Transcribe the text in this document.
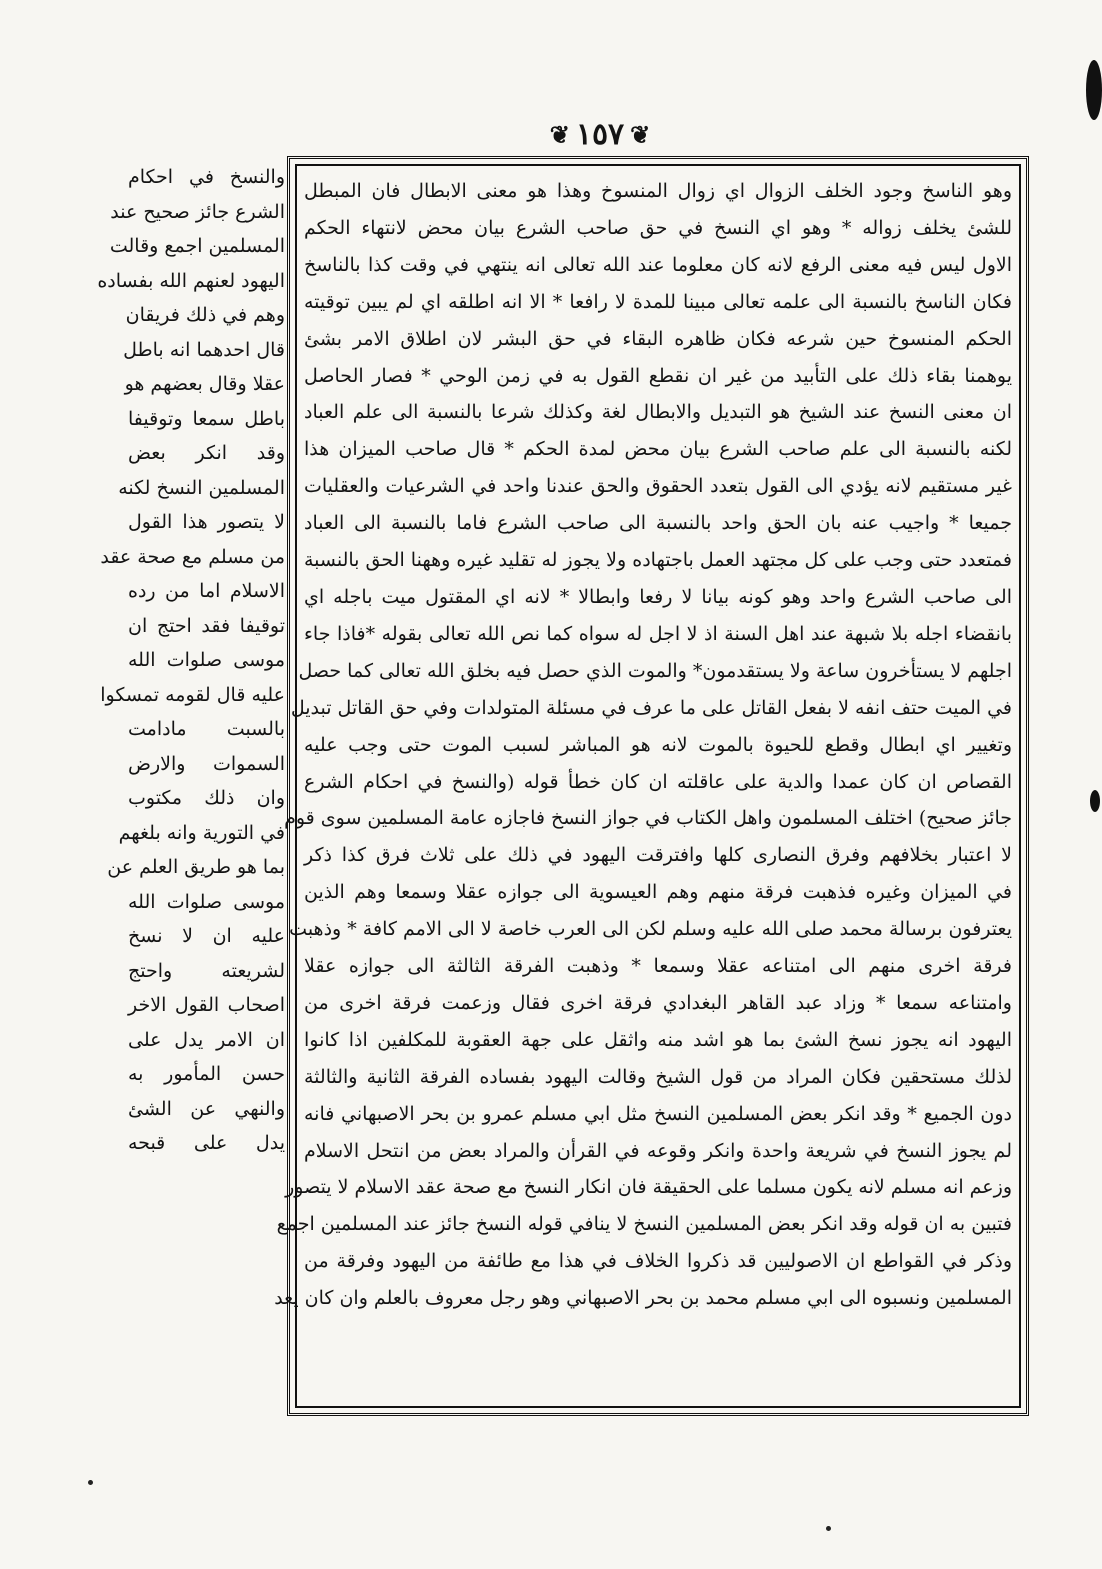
❦ ١٥٧ ❦
والنسخ في احكام
الشرع جائز صحيح عند
المسلمين اجمع وقالت
اليهود لعنهم الله بفساده
وهم في ذلك فريقان
قال احدهما انه باطل
عقلا وقال بعضهم هو
باطل سمعا وتوقيفا
وقد انكر بعض
المسلمين النسخ لكنه
لا يتصور هذا القول
من مسلم مع صحة عقد
الاسلام اما من رده
توقيفا فقد احتج ان
موسى صلوات الله
عليه قال لقومه تمسكوا
بالسبت مادامت
السموات والارض
وان ذلك مكتوب
في التورية وانه بلغهم
بما هو طريق العلم عن
موسى صلوات الله
عليه ان لا نسخ
لشريعته واحتج
اصحاب القول الاخر
ان الامر يدل على
حسن المأمور به
والنهي عن الشئ
يدل على قبحه
وهو الناسخ وجود الخلف الزوال اي زوال المنسوخ وهذا هو معنى الابطال فان المبطل
للشئ يخلف زواله * وهو اي النسخ في حق صاحب الشرع بيان محض لانتهاء الحكم
الاول ليس فيه معنى الرفع لانه كان معلوما عند الله تعالى انه ينتهي في وقت كذا بالناسخ
فكان الناسخ بالنسبة الى علمه تعالى مبينا للمدة لا رافعا * الا انه اطلقه اي لم يبين توقيته
الحكم المنسوخ حين شرعه فكان ظاهره البقاء في حق البشر لان اطلاق الامر بشئ
يوهمنا بقاء ذلك على التأبيد من غير ان نقطع القول به في زمن الوحي * فصار الحاصل
ان معنى النسخ عند الشيخ هو التبديل والابطال لغة وكذلك شرعا بالنسبة الى علم العباد
لكنه بالنسبة الى علم صاحب الشرع بيان محض لمدة الحكم * قال صاحب الميزان هذا
غير مستقيم لانه يؤدي الى القول بتعدد الحقوق والحق عندنا واحد في الشرعيات والعقليات
جميعا * واجيب عنه بان الحق واحد بالنسبة الى صاحب الشرع فاما بالنسبة الى العباد
فمتعدد حتى وجب على كل مجتهد العمل باجتهاده ولا يجوز له تقليد غيره وههنا الحق بالنسبة
الى صاحب الشرع واحد وهو كونه بيانا لا رفعا وابطالا * لانه اي المقتول ميت باجله اي
بانقضاء اجله بلا شبهة عند اهل السنة اذ لا اجل له سواه كما نص الله تعالى بقوله *فاذا جاء
اجلهم لا يستأخرون ساعة ولا يستقدمون* والموت الذي حصل فيه بخلق الله تعالى كما حصل
في الميت حتف انفه لا بفعل القاتل على ما عرف في مسئلة المتولدات وفي حق القاتل تبديل
وتغيير اي ابطال وقطع للحيوة بالموت لانه هو المباشر لسبب الموت حتى وجب عليه
القصاص ان كان عمدا والدية على عاقلته ان كان خطأ قوله (والنسخ في احكام الشرع
جائز صحيح) اختلف المسلمون واهل الكتاب في جواز النسخ فاجازه عامة المسلمين سوى قوم
لا اعتبار بخلافهم وفرق النصارى كلها وافترقت اليهود في ذلك على ثلاث فرق كذا ذكر
في الميزان وغيره فذهبت فرقة منهم وهم العيسوية الى جوازه عقلا وسمعا وهم الذين
يعترفون برسالة محمد صلى الله عليه وسلم لكن الى العرب خاصة لا الى الامم كافة * وذهبت
فرقة اخرى منهم الى امتناعه عقلا وسمعا * وذهبت الفرقة الثالثة الى جوازه عقلا
وامتناعه سمعا * وزاد عبد القاهر البغدادي فرقة اخرى فقال وزعمت فرقة اخرى من
اليهود انه يجوز نسخ الشئ بما هو اشد منه واثقل على جهة العقوبة للمكلفين اذا كانوا
لذلك مستحقين فكان المراد من قول الشيخ وقالت اليهود بفساده الفرقة الثانية والثالثة
دون الجميع * وقد انكر بعض المسلمين النسخ مثل ابي مسلم عمرو بن بحر الاصبهاني فانه
لم يجوز النسخ في شريعة واحدة وانكر وقوعه في القرأن والمراد بعض من انتحل الاسلام
وزعم انه مسلم لانه يكون مسلما على الحقيقة فان انكار النسخ مع صحة عقد الاسلام لا يتصور
فتبين به ان قوله وقد انكر بعض المسلمين النسخ لا ينافي قوله النسخ جائز عند المسلمين اجمع
وذكر في القواطع ان الاصوليين قد ذكروا الخلاف في هذا مع طائفة من اليهود وفرقة من
المسلمين ونسبوه الى ابي مسلم محمد بن بحر الاصبهاني وهو رجل معروف بالعلم وان كان يعد
